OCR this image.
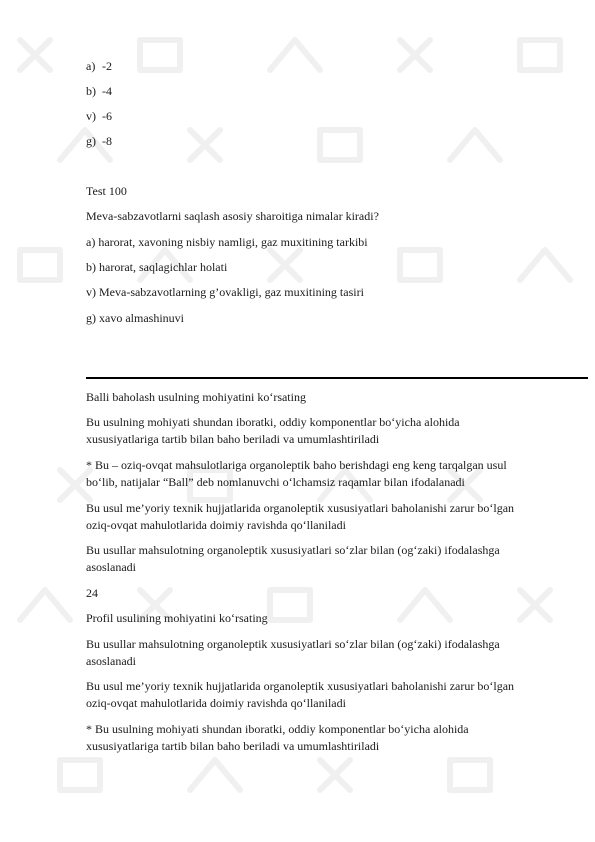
a) -2
b) -4
v) -6
g) -8
Test 100
Meva-sabzavotlarni saqlash asosiy sharoitiga nimalar kiradi?
a) harorat, xavoning nisbiy namligi, gaz muxitining tarkibi
b) harorat, saqlagichlar holati
v) Meva-sabzavotlarning g’ovakligi, gaz muxitining tasiri
g) xavo almashinuvi
Balli baholash usulning mohiyatini ko‘rsating
Bu usulning mohiyati shundan iboratki, oddiy komponentlar bo‘yicha alohida
xususiyatlariga tartib bilan baho beriladi va umumlashtiriladi
* Bu – oziq-ovqat mahsulotlariga organoleptik baho berishdagi eng keng tarqalgan usul
bo‘lib, natijalar “Ball” deb nomlanuvchi o‘lchamsiz raqamlar bilan ifodalanadi
Bu usul me’yoriy texnik hujjatlarida organoleptik xususiyatlari baholanishi zarur bo‘lgan
oziq-ovqat mahulotlarida doimiy ravishda qo‘llaniladi
Bu usullar mahsulotning organoleptik xususiyatlari so‘zlar bilan (og‘zaki) ifodalashga
asoslanadi
24
Profil usulining mohiyatini ko‘rsating
Bu usullar mahsulotning organoleptik xususiyatlari so‘zlar bilan (og‘zaki) ifodalashga
asoslanadi
Bu usul me’yoriy texnik hujjatlarida organoleptik xususiyatlari baholanishi zarur bo‘lgan
oziq-ovqat mahulotlarida doimiy ravishda qo‘llaniladi
* Bu usulning mohiyati shundan iboratki, oddiy komponentlar bo‘yicha alohida
xususiyatlariga tartib bilan baho beriladi va umumlashtiriladi
